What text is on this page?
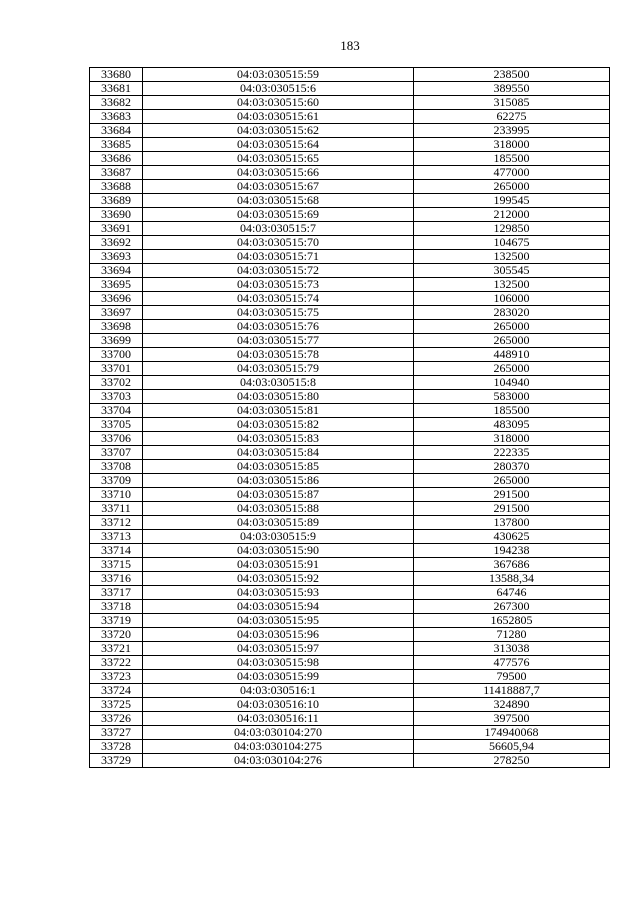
183
33680	04:03:030515:59	238500
33681	04:03:030515:6	389550
33682	04:03:030515:60	315085
33683	04:03:030515:61	62275
33684	04:03:030515:62	233995
33685	04:03:030515:64	318000
33686	04:03:030515:65	185500
33687	04:03:030515:66	477000
33688	04:03:030515:67	265000
33689	04:03:030515:68	199545
33690	04:03:030515:69	212000
33691	04:03:030515:7	129850
33692	04:03:030515:70	104675
33693	04:03:030515:71	132500
33694	04:03:030515:72	305545
33695	04:03:030515:73	132500
33696	04:03:030515:74	106000
33697	04:03:030515:75	283020
33698	04:03:030515:76	265000
33699	04:03:030515:77	265000
33700	04:03:030515:78	448910
33701	04:03:030515:79	265000
33702	04:03:030515:8	104940
33703	04:03:030515:80	583000
33704	04:03:030515:81	185500
33705	04:03:030515:82	483095
33706	04:03:030515:83	318000
33707	04:03:030515:84	222335
33708	04:03:030515:85	280370
33709	04:03:030515:86	265000
33710	04:03:030515:87	291500
33711	04:03:030515:88	291500
33712	04:03:030515:89	137800
33713	04:03:030515:9	430625
33714	04:03:030515:90	194238
33715	04:03:030515:91	367686
33716	04:03:030515:92	13588,34
33717	04:03:030515:93	64746
33718	04:03:030515:94	267300
33719	04:03:030515:95	1652805
33720	04:03:030515:96	71280
33721	04:03:030515:97	313038
33722	04:03:030515:98	477576
33723	04:03:030515:99	79500
33724	04:03:030516:1	11418887,7
33725	04:03:030516:10	324890
33726	04:03:030516:11	397500
33727	04:03:030104:270	174940068
33728	04:03:030104:275	56605,94
33729	04:03:030104:276	278250
